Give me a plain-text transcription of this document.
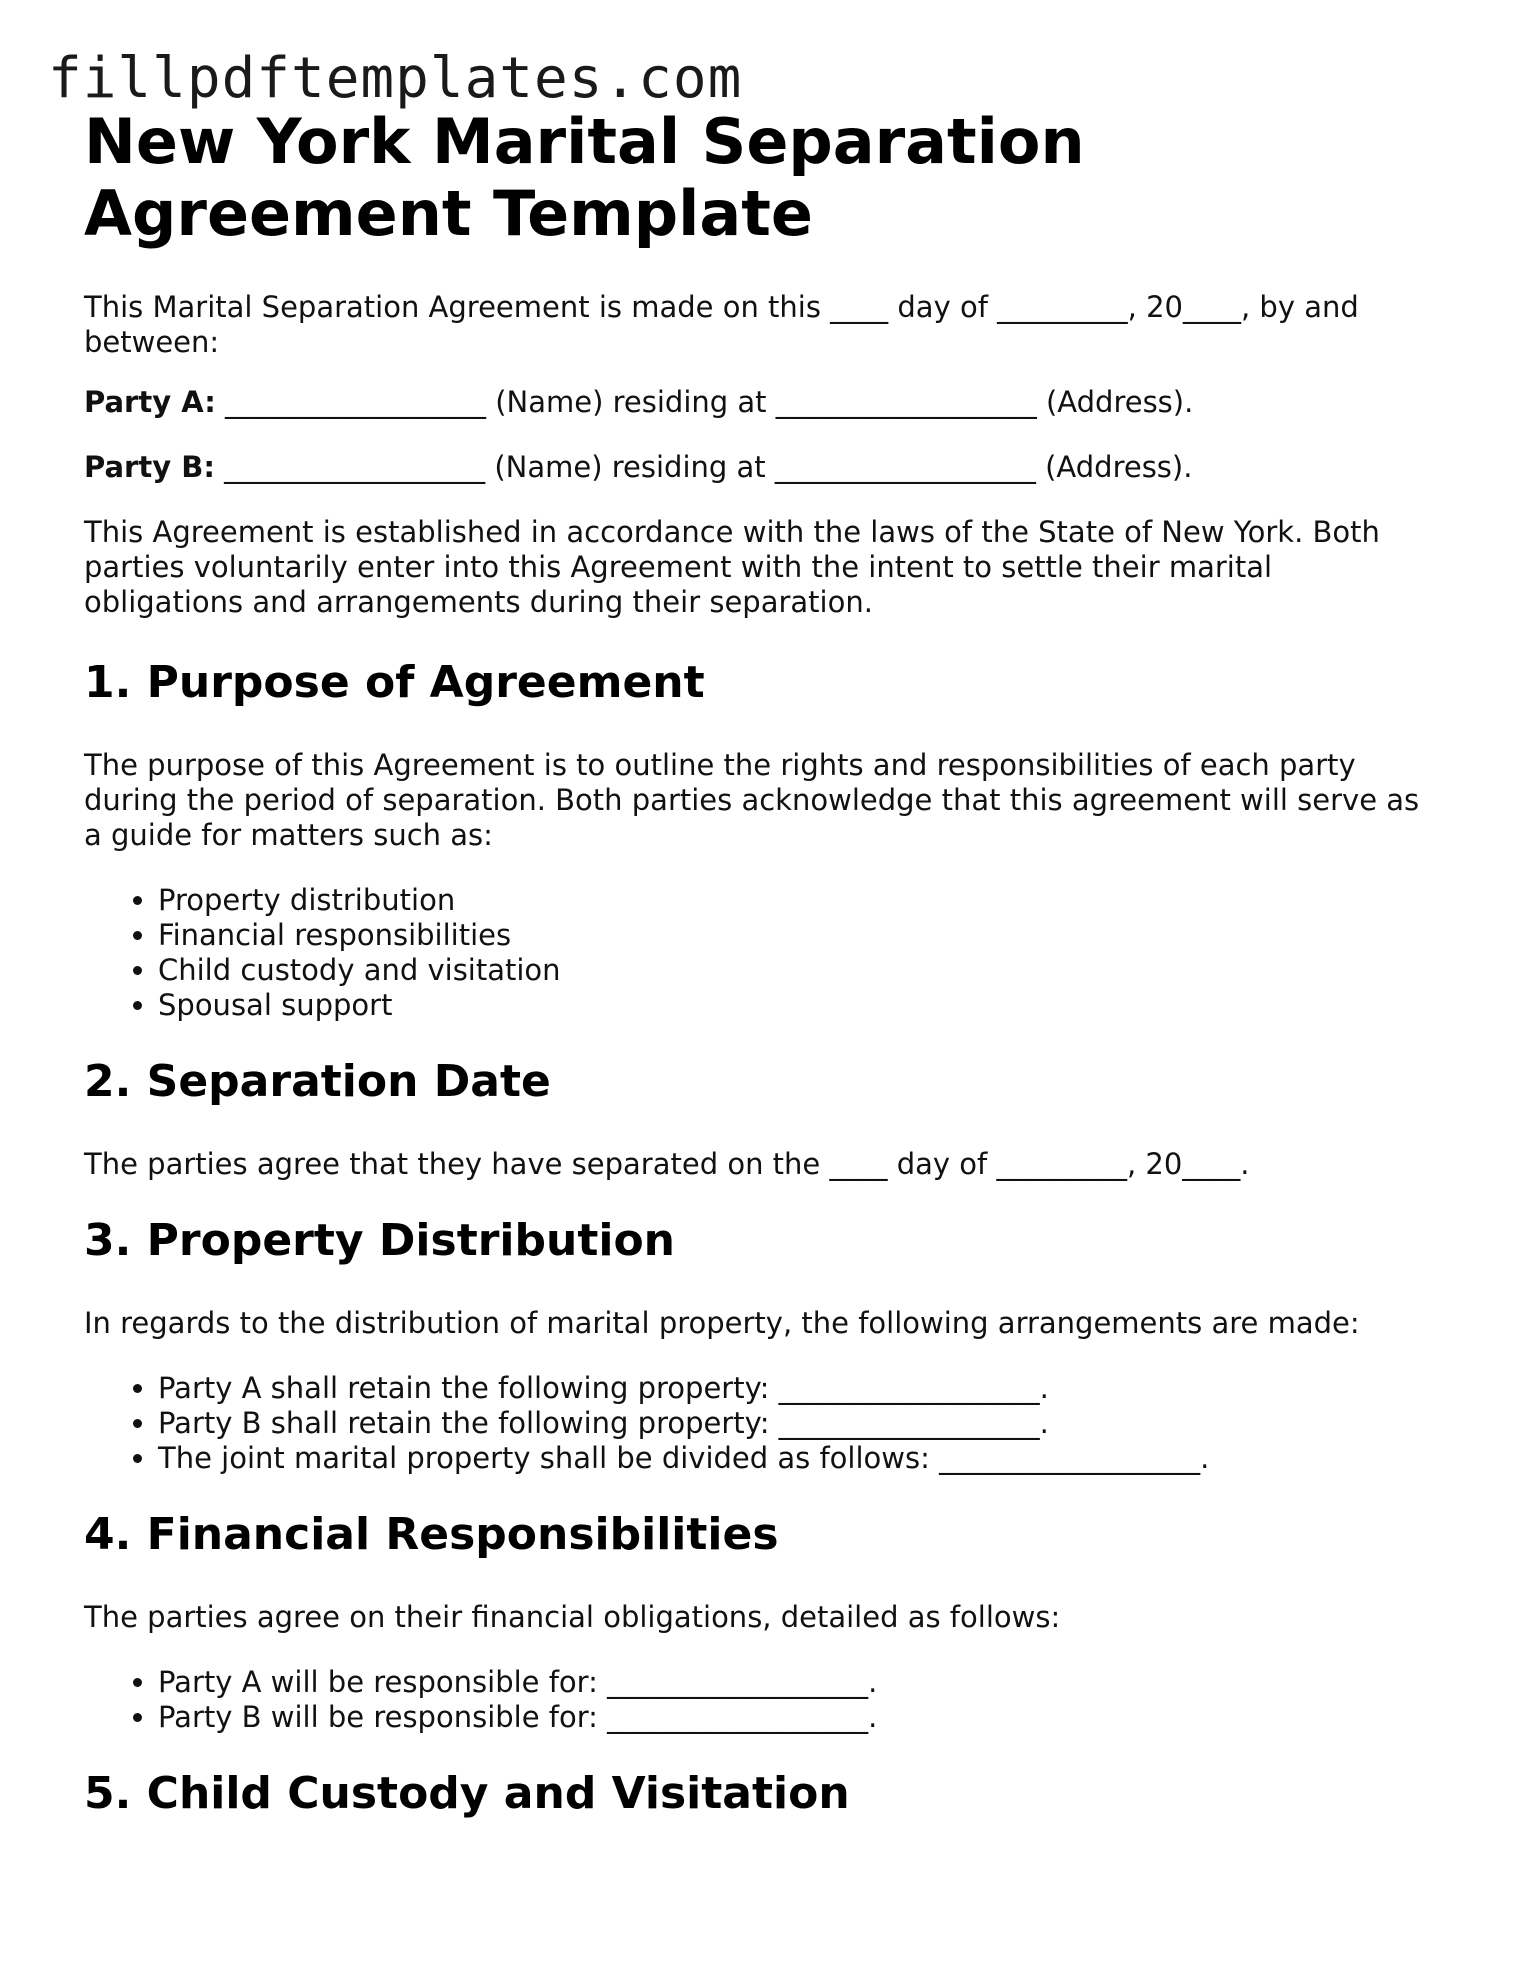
fillpdftemplates.com
New York Marital Separation Agreement Template

This Marital Separation Agreement is made on this ____ day of _________, 20____, by and between:

Party A: __________________ (Name) residing at __________________ (Address).

Party B: __________________ (Name) residing at __________________ (Address).

This Agreement is established in accordance with the laws of the State of New York. Both parties voluntarily enter into this Agreement with the intent to settle their marital obligations and arrangements during their separation.

1. Purpose of Agreement

The purpose of this Agreement is to outline the rights and responsibilities of each party during the period of separation. Both parties acknowledge that this agreement will serve as a guide for matters such as:

• Property distribution
• Financial responsibilities
• Child custody and visitation
• Spousal support
2. Separation Date

The parties agree that they have separated on the ____ day of _________, 20____.

3. Property Distribution

In regards to the distribution of marital property, the following arrangements are made:

• Party A shall retain the following property: __________________.
• Party B shall retain the following property: __________________.
• The joint marital property shall be divided as follows: __________________.
4. Financial Responsibilities

The parties agree on their financial obligations, detailed as follows:

• Party A will be responsible for: __________________.
• Party B will be responsible for: __________________.
5. Child Custody and Visitation
